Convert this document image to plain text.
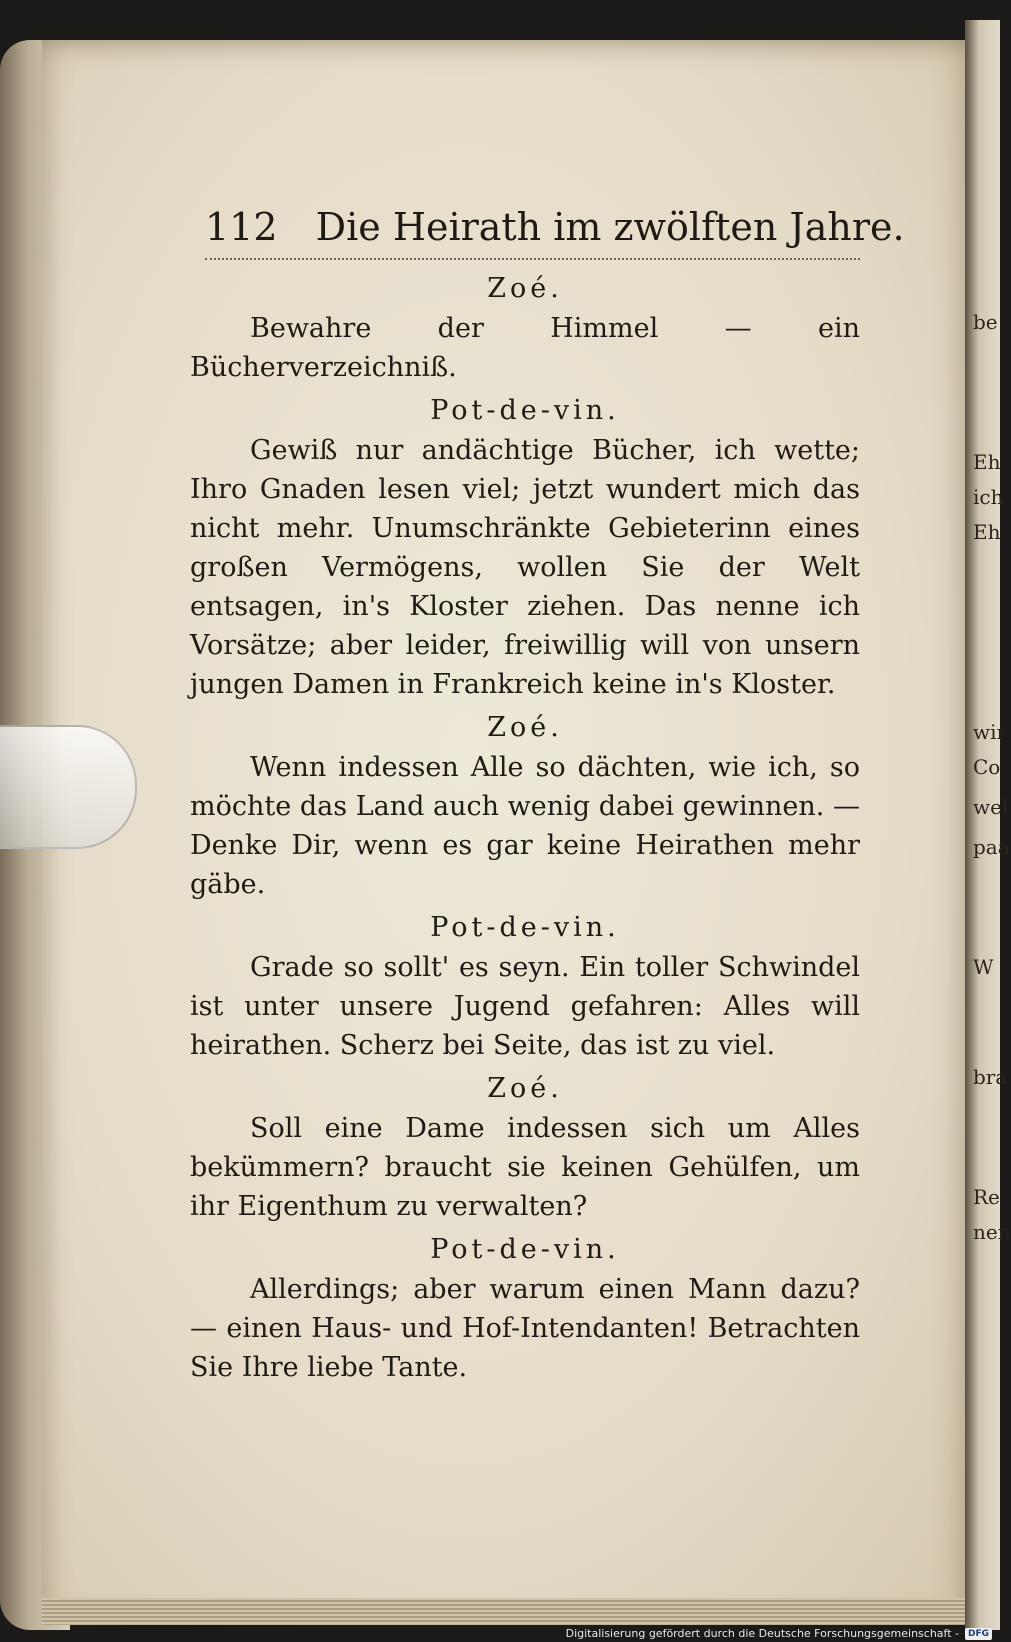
be
Eh
ich
Eh
wir
Co
wel
paa
W
bra
Re
nen
112 Die Heirath im zwölften Jahre.
Zoé.

Bewahre der Himmel — ein Bücherverzeichniß.

Pot-de-vin.

Gewiß nur andächtige Bücher, ich wette; Ihro Gnaden lesen viel; jetzt wundert mich das nicht mehr. Unumschränkte Gebieterinn eines großen Vermögens, wollen Sie der Welt entsagen, in's Kloster ziehen. Das nenne ich Vorsätze; aber leider, freiwillig will von unsern jungen Damen in Frankreich keine in's Kloster.

Zoé.

Wenn indessen Alle so dächten, wie ich, so möchte das Land auch wenig dabei gewinnen. — Denke Dir, wenn es gar keine Heirathen mehr gäbe.

Pot-de-vin.

Grade so sollt' es seyn. Ein toller Schwindel ist unter unsere Jugend gefahren: Alles will heirathen. Scherz bei Seite, das ist zu viel.

Zoé.

Soll eine Dame indessen sich um Alles bekümmern? braucht sie keinen Gehülfen, um ihr Eigenthum zu verwalten?

Pot-de-vin.

Allerdings; aber warum einen Mann dazu? — einen Haus- und Hof-Intendanten! Betrachten Sie Ihre liebe Tante.

Digitalisierung gefördert durch die Deutsche Forschungsgemeinschaft -	DFG
